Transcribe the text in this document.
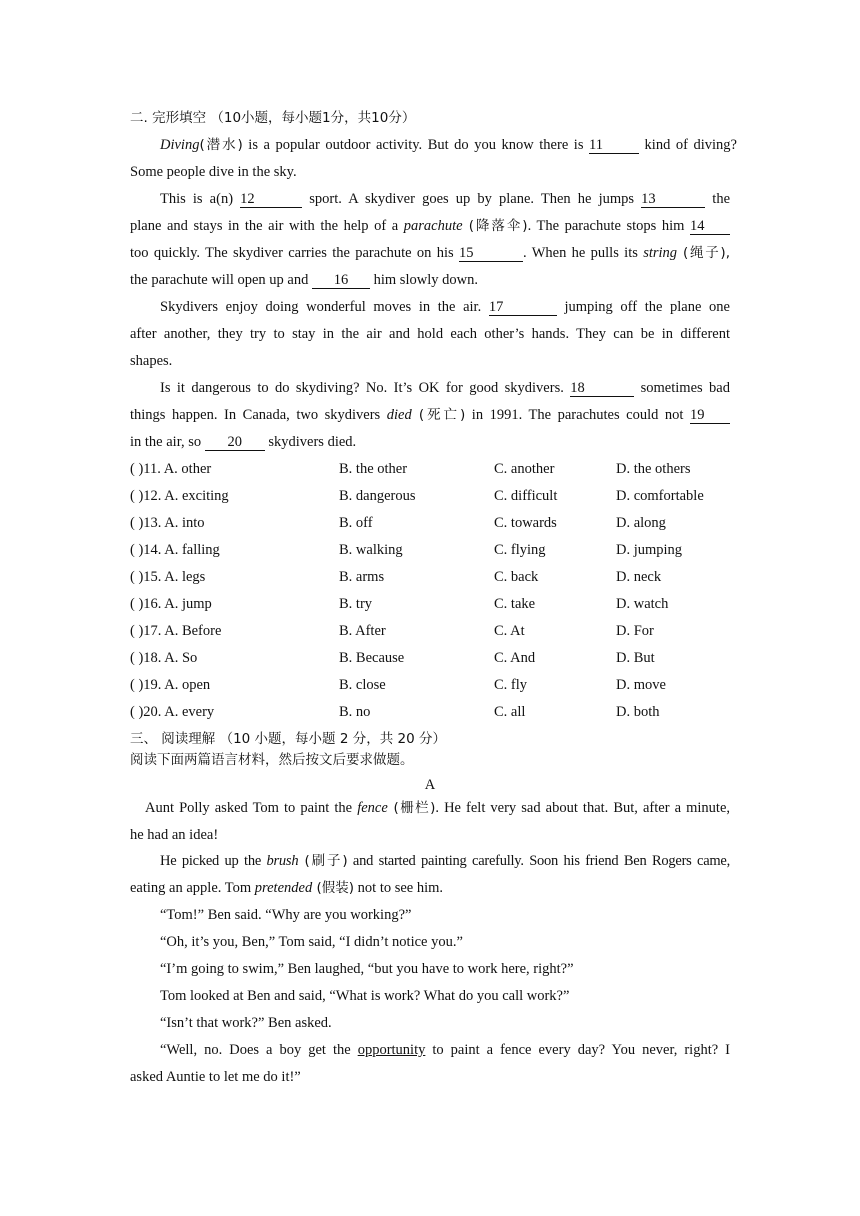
二. 完形填空 （10小题，每小题1分，共10分）
Diving(潜水) is a popular outdoor activity. But do you know there is 11 kind of diving?
Some people dive in the sky.
This is a(n) 12	sport. A skydiver goes up by plane. Then he jumps 13	the
plane and stays in the air with the help of a parachute (降落伞). The parachute stops him 14
too quickly. The skydiver carries the parachute on his 15	. When he pulls its string (绳子),
the parachute will open up and 16 him slowly down.
Skydivers enjoy doing wonderful moves in the air. 17	jumping off the plane one
after another, they try to stay in the air and hold each other’s hands. They can be in different
shapes.
Is it dangerous to do skydiving? No. It’s OK for good skydivers. 18	sometimes bad
things happen. In Canada, two skydivers died (死亡) in 1991. The parachutes could not 19
in the air, so 20 skydivers died.
( )11. A. other	B. the other	C. another	D. the others
( )12. A. exciting	B. dangerous	C. difficult	D. comfortable
( )13. A. into	B. off	C. towards	D. along
( )14. A. falling	B. walking	C. flying	D. jumping
( )15. A. legs	B. arms	C. back	D. neck
( )16. A. jump	B. try	C. take	D. watch
( )17. A. Before	B. After	C. At	D. For
( )18. A. So	B. Because	C. And	D. But
( )19. A. open	B. close	C. fly	D. move
( )20. A. every	B. no	C. all	D. both
三、 阅读理解 （10 小题，每小题 2 分，共 20 分）
阅读下面两篇语言材料，然后按文后要求做题。
A
Aunt Polly asked Tom to paint the fence (栅栏). He felt very sad about that. But, after a minute,
he had an idea!
He picked up the brush (刷子) and started painting carefully. Soon his friend Ben Rogers came,
eating an apple. Tom pretended (假装) not to see him.
“Tom!” Ben said. “Why are you working?”
“Oh, it’s you, Ben,” Tom said, “I didn’t notice you.”
“I’m going to swim,” Ben laughed, “but you have to work here, right?”
Tom looked at Ben and said, “What is work? What do you call work?”
“Isn’t that work?” Ben asked.
“Well, no. Does a boy get the opportunity to paint a fence every day? You never, right? I
asked Auntie to let me do it!”
